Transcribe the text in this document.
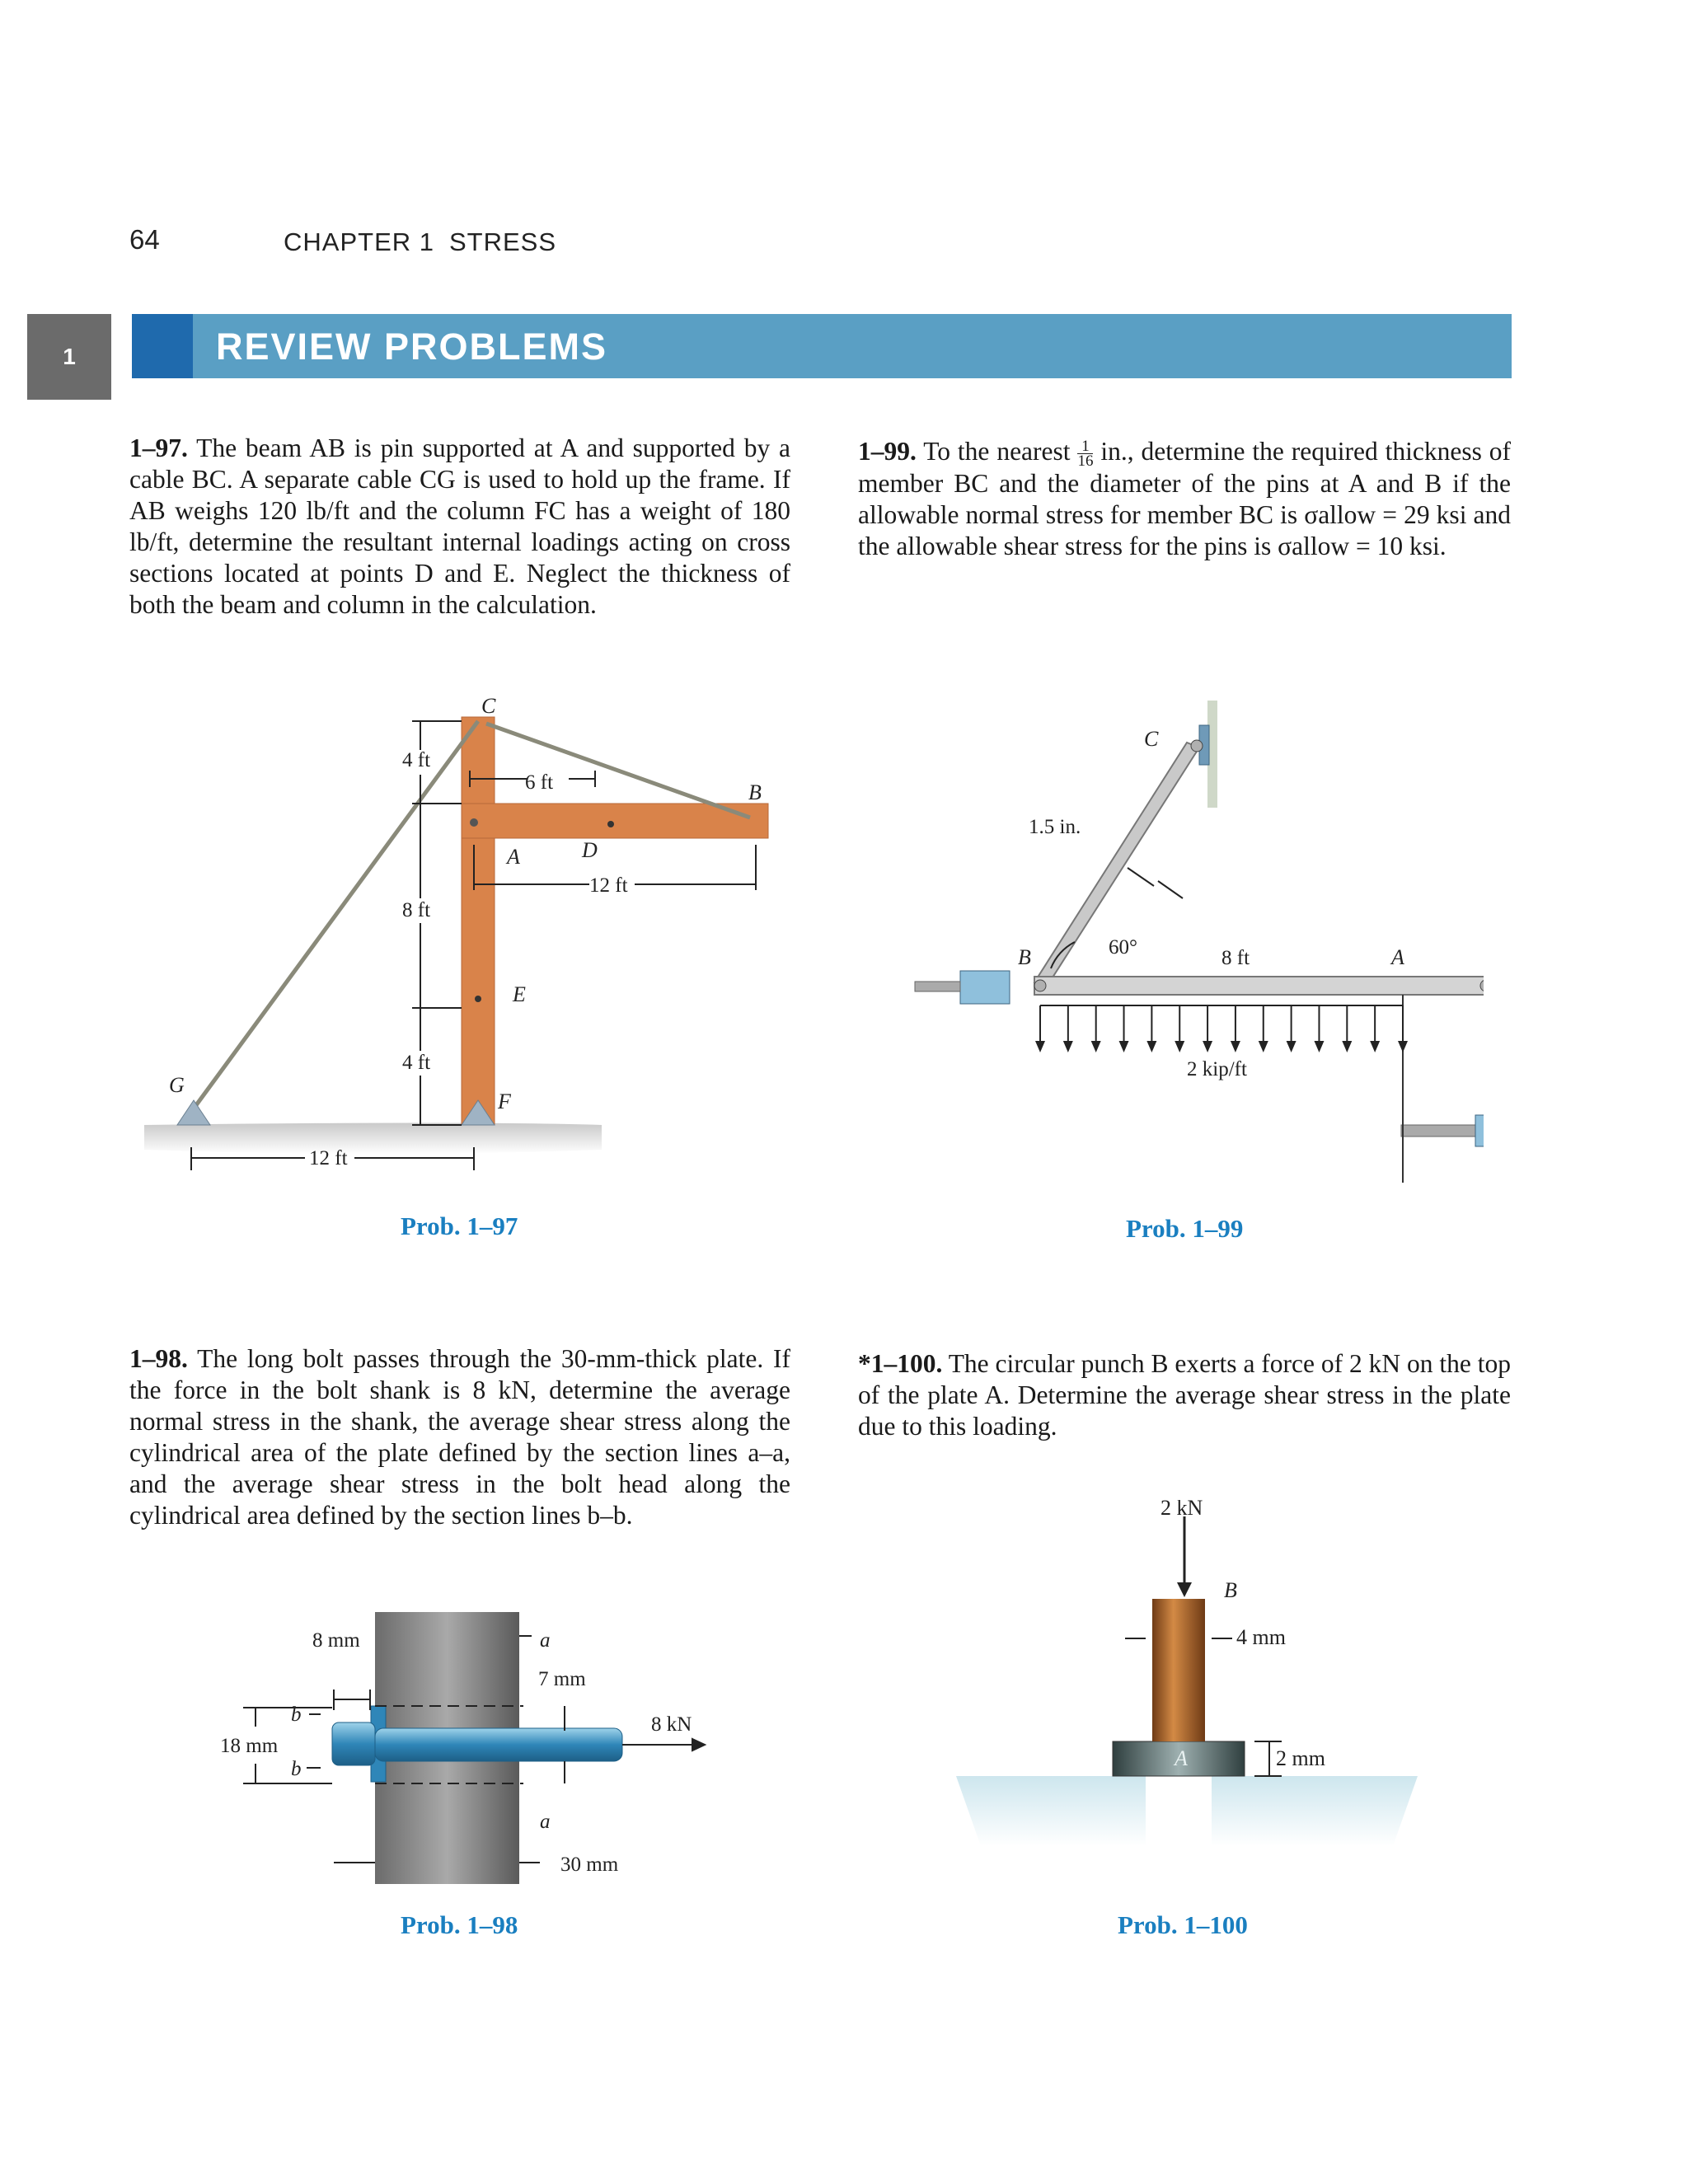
64	CHAPTER 1 STRESS
1	REVIEW PROBLEMS
1–97. The beam AB is pin supported at A and supported by a cable BC. A separate cable CG is used to hold up the frame. If AB weighs 120 lb/ft and the column FC has a weight of 180 lb/ft, determine the resultant internal loadings acting on cross sections located at points D and E. Neglect the thickness of both the beam and column in the calculation.
1–99. To the nearest $\frac{1}{16}$ in., determine the required thickness of member BC and the diameter of the pins at A and B if the allowable normal stress for member BC is σallow = 29 ksi and the allowable shear stress for the pins is σallow = 10 ksi.
C
B
A	D
E
F
G
4 ft
6 ft
12 ft
8 ft
4 ft
12 ft
Prob. 1–97
C
B	A
1.5 in.
60°	8 ft
2 kip/ft
Prob. 1–99
1–98. The long bolt passes through the 30-mm-thick plate. If the force in the bolt shank is 8 kN, determine the average normal stress in the shank, the average shear stress along the cylindrical area of the plate defined by the section lines a–a, and the average shear stress in the bolt head along the cylindrical area defined by the section lines b–b.
*1–100. The circular punch B exerts a force of 2 kN on the top of the plate A. Determine the average shear stress in the plate due to this loading.
8 mm	a
7 mm
b	8 kN
18 mm
b
a
30 mm
Prob. 1–98
2 kN
B
4 mm
A	2 mm
Prob. 1–100
